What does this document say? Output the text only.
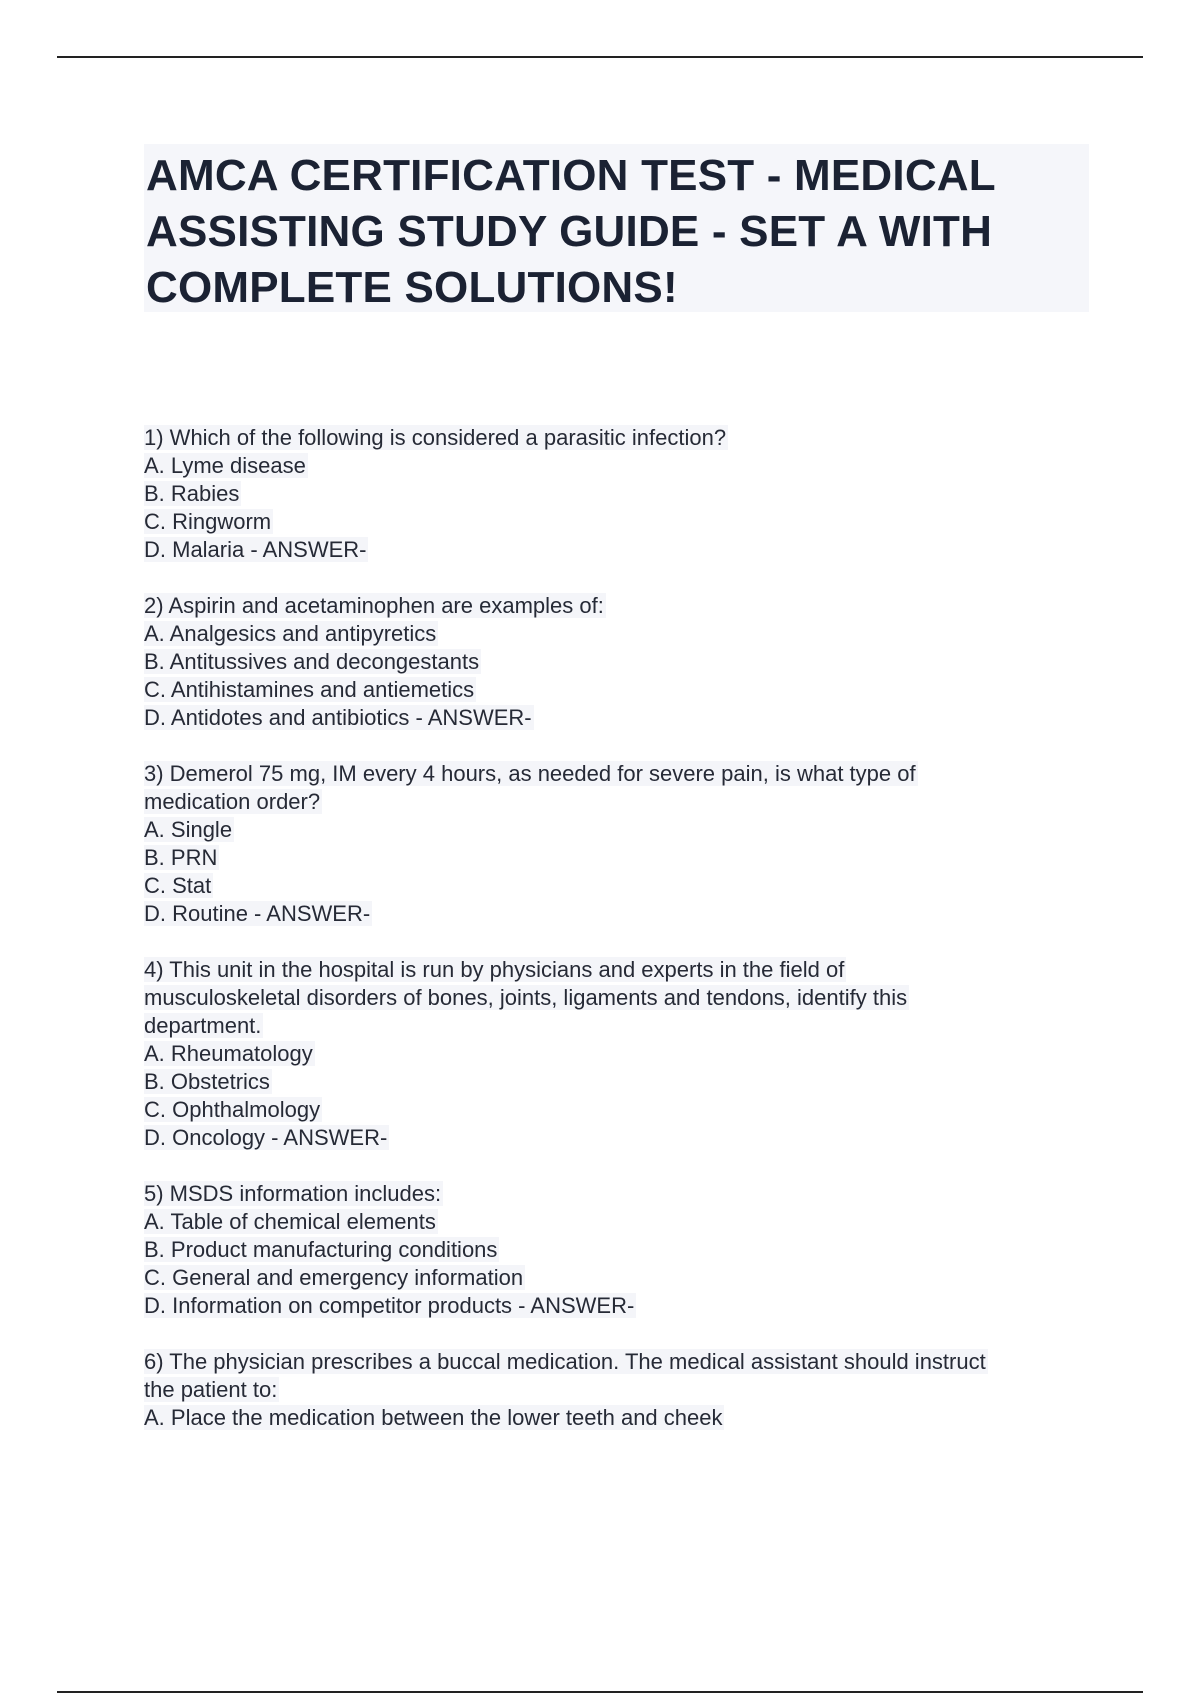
AMCA CERTIFICATION TEST - MEDICAL
ASSISTING STUDY GUIDE - SET A WITH
COMPLETE SOLUTIONS!
1) Which of the following is considered a parasitic infection?
A. Lyme disease
B. Rabies
C. Ringworm
D. Malaria - ANSWER-
2) Aspirin and acetaminophen are examples of:
A. Analgesics and antipyretics
B. Antitussives and decongestants
C. Antihistamines and antiemetics
D. Antidotes and antibiotics - ANSWER-
3) Demerol 75 mg, IM every 4 hours, as needed for severe pain, is what type of
medication order?
A. Single
B. PRN
C. Stat
D. Routine - ANSWER-
4) This unit in the hospital is run by physicians and experts in the field of
musculoskeletal disorders of bones, joints, ligaments and tendons, identify this
department.
A. Rheumatology
B. Obstetrics
C. Ophthalmology
D. Oncology - ANSWER-
5) MSDS information includes:
A. Table of chemical elements
B. Product manufacturing conditions
C. General and emergency information
D. Information on competitor products - ANSWER-
6) The physician prescribes a buccal medication. The medical assistant should instruct
the patient to:
A. Place the medication between the lower teeth and cheek
